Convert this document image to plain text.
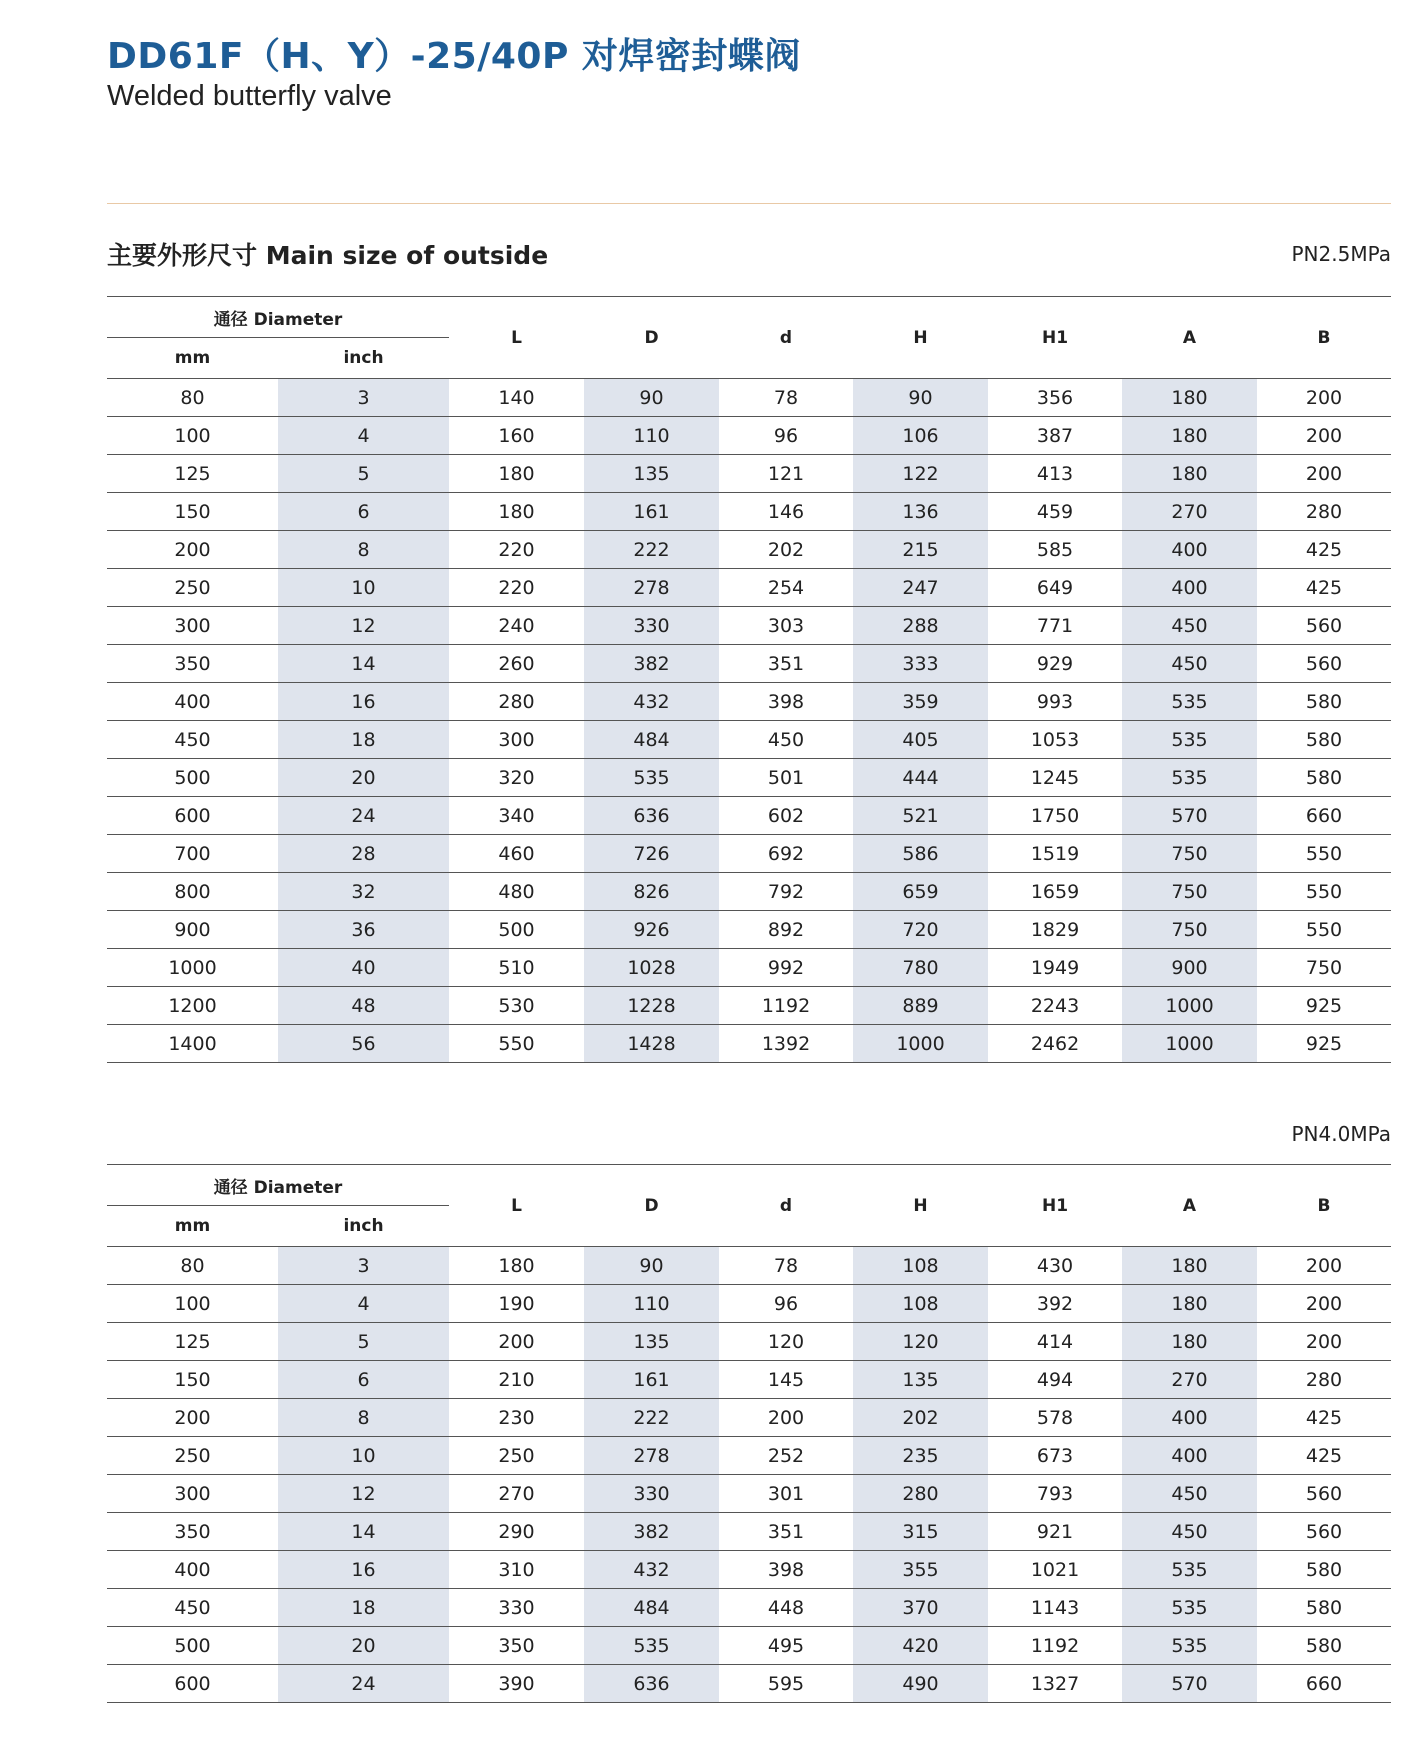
DD61F（H、Y）-25/40P 对焊密封蝶阀
Welded butterfly valve
主要外形尺寸 Main size of outside	PN2.5MPa
通径 Diameter		L	D	d	H	H1	A	B
mm	inch							
80	3	140	90	78	90	356	180	200
100	4	160	110	96	106	387	180	200
125	5	180	135	121	122	413	180	200
150	6	180	161	146	136	459	270	280
200	8	220	222	202	215	585	400	425
250	10	220	278	254	247	649	400	425
300	12	240	330	303	288	771	450	560
350	14	260	382	351	333	929	450	560
400	16	280	432	398	359	993	535	580
450	18	300	484	450	405	1053	535	580
500	20	320	535	501	444	1245	535	580
600	24	340	636	602	521	1750	570	660
700	28	460	726	692	586	1519	750	550
800	32	480	826	792	659	1659	750	550
900	36	500	926	892	720	1829	750	550
1000	40	510	1028	992	780	1949	900	750
1200	48	530	1228	1192	889	2243	1000	925
1400	56	550	1428	1392	1000	2462	1000	925
PN4.0MPa
通径 Diameter		L	D	d	H	H1	A	B
mm	inch							
80	3	180	90	78	108	430	180	200
100	4	190	110	96	108	392	180	200
125	5	200	135	120	120	414	180	200
150	6	210	161	145	135	494	270	280
200	8	230	222	200	202	578	400	425
250	10	250	278	252	235	673	400	425
300	12	270	330	301	280	793	450	560
350	14	290	382	351	315	921	450	560
400	16	310	432	398	355	1021	535	580
450	18	330	484	448	370	1143	535	580
500	20	350	535	495	420	1192	535	580
600	24	390	636	595	490	1327	570	660
